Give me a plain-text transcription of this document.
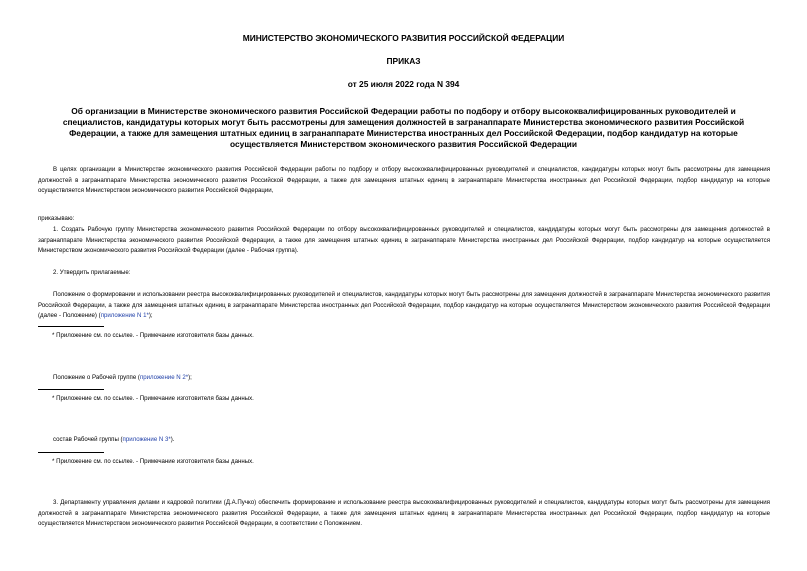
МИНИСТЕРСТВО ЭКОНОМИЧЕСКОГО РАЗВИТИЯ РОССИЙСКОЙ ФЕДЕРАЦИИ
ПРИКАЗ
от 25 июля 2022 года N 394
Об организации в Министерстве экономического развития Российской Федерации работы по подбору и отбору высококвалифицированных руководителей и специалистов, кандидатуры которых могут быть рассмотрены для замещения должностей в загранаппарате Министерства экономического развития Российской Федерации, а также для замещения штатных единиц в загранаппарате Министерства иностранных дел Российской Федерации, подбор кандидатур на которые осуществляется Министерством экономического развития Российской Федерации
В целях организации в Министерстве экономического развития Российской Федерации работы по подбору и отбору высококвалифицированных руководителей и специалистов, кандидатуры которых могут быть рассмотрены для замещения должностей в загранаппарате Министерства экономического развития Российской Федерации, а также для замещения штатных единиц в загранаппарате Министерства иностранных дел Российской Федерации, подбор кандидатур на которые осуществляется Министерством экономического развития Российской Федерации,
приказываю:
1. Создать Рабочую группу Министерства экономического развития Российской Федерации по отбору высококвалифицированных руководителей и специалистов, кандидатуры которых могут быть рассмотрены для замещения должностей в загранаппарате Министерства экономического развития Российской Федерации, а также для замещения штатных единиц в загранаппарате Министерства иностранных дел Российской Федерации, подбор кандидатур на которые осуществляется Министерством экономического развития Российской Федерации (далее - Рабочая группа).
2. Утвердить прилагаемые:
Положение о формировании и использовании реестра высококвалифицированных руководителей и специалистов, кандидатуры которых могут быть рассмотрены для замещения должностей в загранаппарате Министерства экономического развития Российской Федерации, а также для замещения штатных единиц в загранаппарате Министерства иностранных дел Российской Федерации, подбор кандидатур на которые осуществляется Министерством экономического развития Российской Федерации (далее - Положение) (приложение N 1*);
* Приложение см. по ссылке. - Примечание изготовителя базы данных.
Положение о Рабочей группе (приложение N 2*);
* Приложение см. по ссылке. - Примечание изготовителя базы данных.
состав Рабочей группы (приложение N 3*).
* Приложение см. по ссылке. - Примечание изготовителя базы данных.
3. Департаменту управления делами и кадровой политики (Д.А.Пучко) обеспечить формирование и использование реестра высококвалифицированных руководителей и специалистов, кандидатуры которых могут быть рассмотрены для замещения должностей в загранаппарате Министерства экономического развития Российской Федерации, а также для замещения штатных единиц в загранаппарате Министерства иностранных дел Российской Федерации, подбор кандидатур на которые осуществляется Министерством экономического развития Российской Федерации, в соответствии с Положением.
